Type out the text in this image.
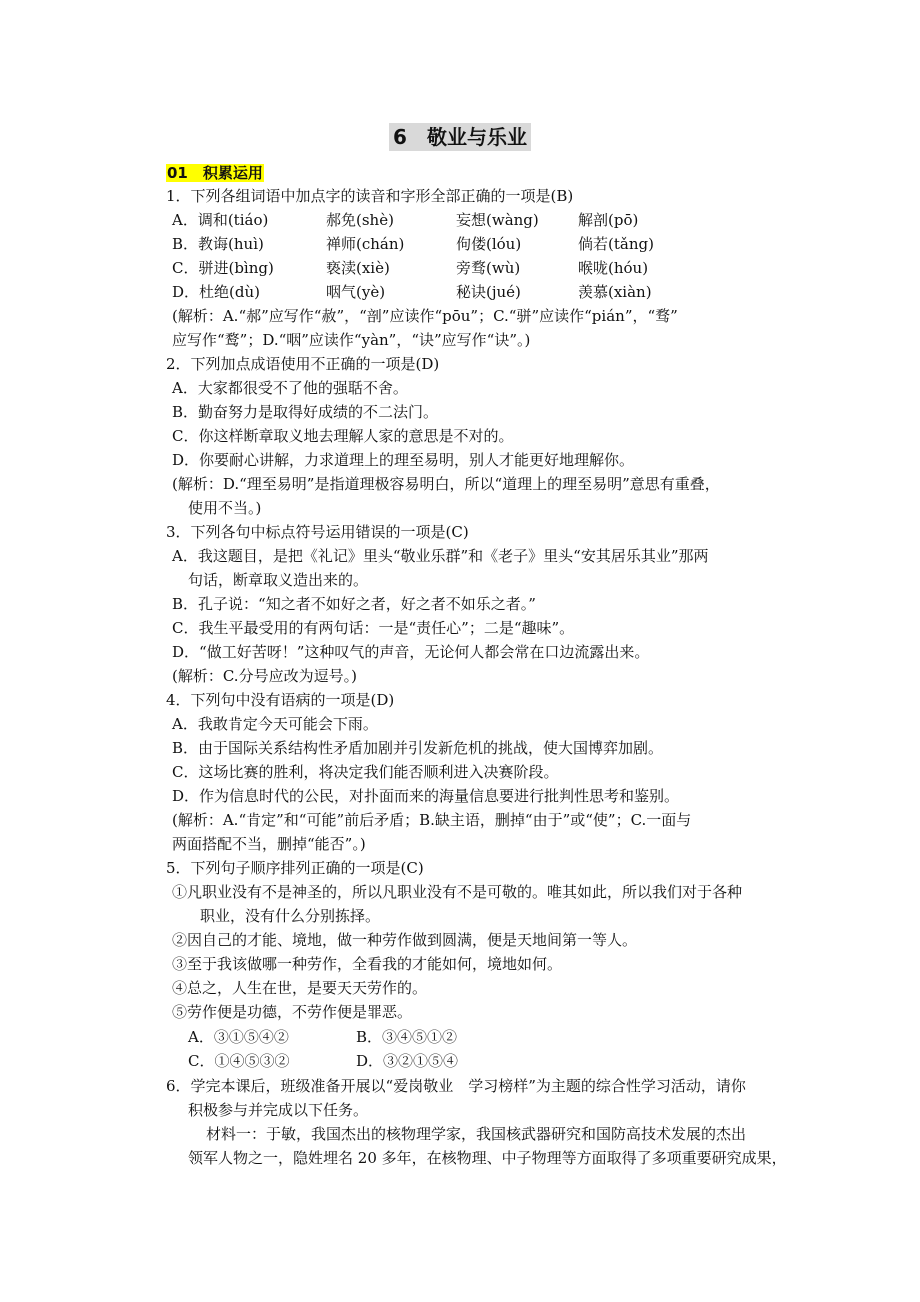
6　敬业与乐业
01　积累运用
1．下列各组词语中加点字的读音和字形全部正确的一项是(B)
A．调和(tiáo)	郝免(shè)	妄想(wàng)	解剖(pō)
B．教诲(huì)	禅师(chán)	佝偻(lóu)	倘若(tǎng)
C．骈进(bìng)	亵渎(xiè)	旁骛(wù)	喉咙(hóu)
D．杜绝(dù)	咽气(yè)	秘诀(jué)	羡慕(xiàn)
(解析：A.“郝”应写作“赦”，“剖”应读作“pōu”；C.“骈”应读作“pián”，“骛”
应写作“鹜”；D.“咽”应读作“yàn”，“诀”应写作“诀”。)
2．下列加点成语使用不正确的一项是(D)
A．大家都很受不了他的强聒不舍。
B．勤奋努力是取得好成绩的不二法门。
C．你这样断章取义地去理解人家的意思是不对的。
D．你要耐心讲解，力求道理上的理至易明，别人才能更好地理解你。
(解析：D.“理至易明”是指道理极容易明白，所以“道理上的理至易明”意思有重叠，
使用不当。)
3．下列各句中标点符号运用错误的一项是(C)
A．我这题目，是把《礼记》里头“敬业乐群”和《老子》里头“安其居乐其业”那两
句话，断章取义造出来的。
B．孔子说：“知之者不如好之者，好之者不如乐之者。”
C．我生平最受用的有两句话：一是“责任心”；二是“趣味”。
D．“做工好苦呀！”这种叹气的声音，无论何人都会常在口边流露出来。
(解析：C.分号应改为逗号。)
4．下列句中没有语病的一项是(D)
A．我敢肯定今天可能会下雨。
B．由于国际关系结构性矛盾加剧并引发新危机的挑战，使大国博弈加剧。
C．这场比赛的胜利，将决定我们能否顺利进入决赛阶段。
D．作为信息时代的公民，对扑面而来的海量信息要进行批判性思考和鉴别。
(解析：A.“肯定”和“可能”前后矛盾；B.缺主语，删掉“由于”或“使”；C.一面与
两面搭配不当，删掉“能否”。)
5．下列句子顺序排列正确的一项是(C)
①凡职业没有不是神圣的，所以凡职业没有不是可敬的。唯其如此，所以我们对于各种
职业，没有什么分别拣择。
②因自己的才能、境地，做一种劳作做到圆满，便是天地间第一等人。
③至于我该做哪一种劳作，全看我的才能如何，境地如何。
④总之，人生在世，是要天天劳作的。
⑤劳作便是功德，不劳作便是罪恶。
A．③①⑤④②	B．③④⑤①②
C．①④⑤③②	D．③②①⑤④
6．学完本课后，班级准备开展以“爱岗敬业　学习榜样”为主题的综合性学习活动，请你
积极参与并完成以下任务。
材料一：于敏，我国杰出的核物理学家，我国核武器研究和国防高技术发展的杰出
领军人物之一，隐姓埋名 20 多年，在核物理、中子物理等方面取得了多项重要研究成果，
